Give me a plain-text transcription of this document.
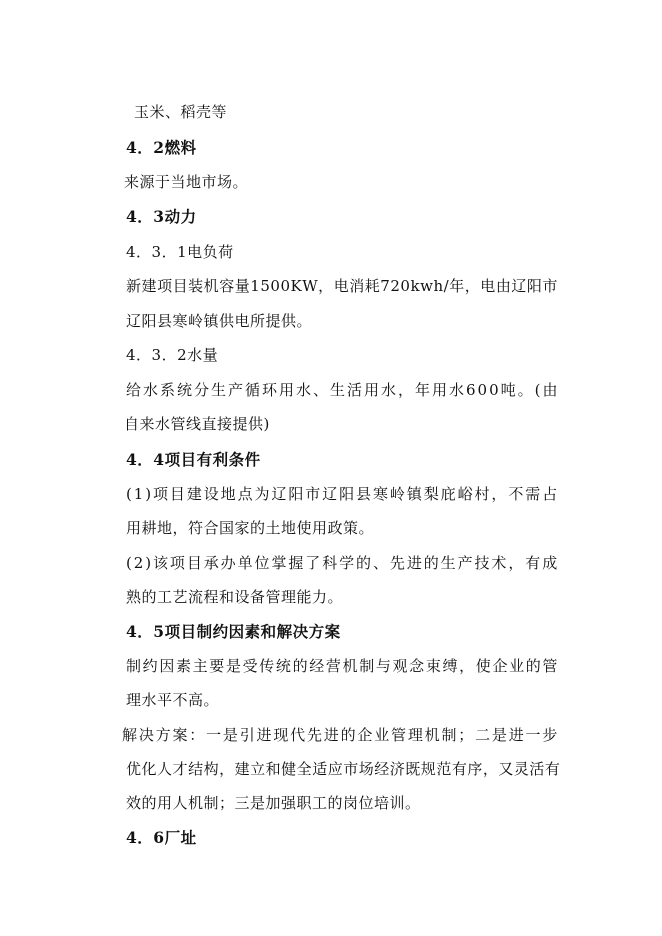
玉米、稻壳等
4．2燃料
来源于当地市场。
4．3动力
4．3．1电负荷
新 建 项 目 装 机 容 量 1 5 0 0 K W ， 电 消 耗 7 2 0 k w h / 年 ， 电 由 辽 阳 市
辽阳县寒岭镇供电所提供。
4．3．2水量
给 水 系 统 分 生 产 循 环 用 水 、 生 活 用 水 ， 年 用 水 6 0 0 吨 。 ( 由
自来水管线直接提供)
4．4项目有利条件
( 1 ) 项 目 建 设 地 点 为 辽 阳 市 辽 阳 县 寒 岭 镇 梨 庇 峪 村 ， 不 需 占
用耕地，符合国家的土地使用政策。
( 2 ) 该 项 目 承 办 单 位 掌 握 了 科 学 的 、 先 进 的 生 产 技 术 ， 有 成
熟的工艺流程和设备管理能力。
4．5项目制约因素和解决方案
制 约 因 素 主 要 是 受 传 统 的 经 营 机 制 与 观 念 束 缚 ， 使 企 业 的 管
理水平不高。
解 决 方 案 ： 一 是 引 进 现 代 先 进 的 企 业 管 理 机 制 ； 二 是 进 一 步
优 化 人 才 结 构 ， 建 立 和 健 全 适 应 市 场 经 济 既 规 范 有 序 ， 又 灵 活 有
效的用人机制；三是加强职工的岗位培训。
4．6厂址
